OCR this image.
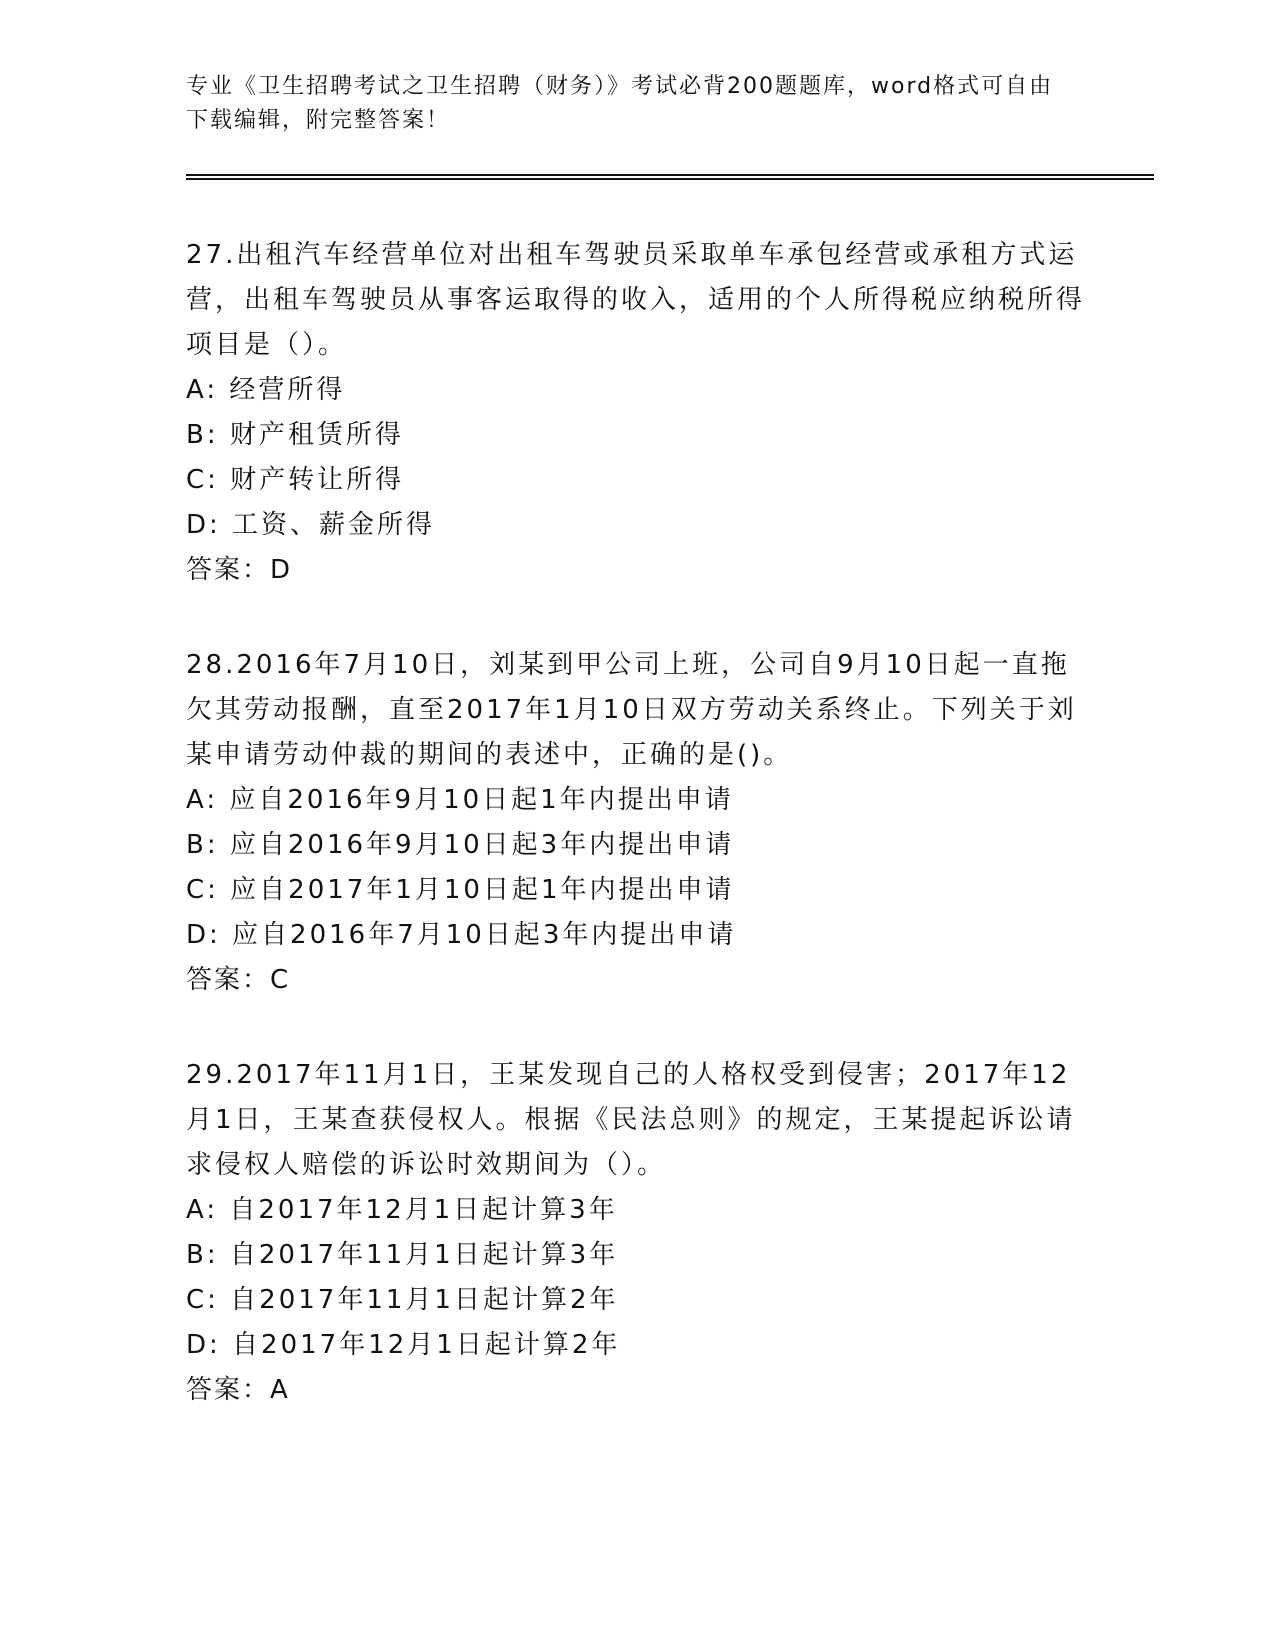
专业《卫生招聘考试之卫生招聘（财务）》考试必背200题题库，word格式可自由下载编辑，附完整答案！

27.出租汽车经营单位对出租车驾驶员采取单车承包经营或承租方式运营，出租车驾驶员从事客运取得的收入，适用的个人所得税应纳税所得项目是（）。

A: 经营所得

B: 财产租赁所得

C: 财产转让所得

D: 工资、薪金所得

答案：D

28.2016年7月10日，刘某到甲公司上班，公司自9月10日起一直拖欠其劳动报酬，直至2017年1月10日双方劳动关系终止。下列关于刘某申请劳动仲裁的期间的表述中，正确的是()。

A: 应自2016年9月10日起1年内提出申请

B: 应自2016年9月10日起3年内提出申请

C: 应自2017年1月10日起1年内提出申请

D: 应自2016年7月10日起3年内提出申请

答案：C

29.2017年11月1日，王某发现自己的人格权受到侵害；2017年12月1日，王某查获侵权人。根据《民法总则》的规定，王某提起诉讼请求侵权人赔偿的诉讼时效期间为（）。

A: 自2017年12月1日起计算3年

B: 自2017年11月1日起计算3年

C: 自2017年11月1日起计算2年

D: 自2017年12月1日起计算2年

答案：A
